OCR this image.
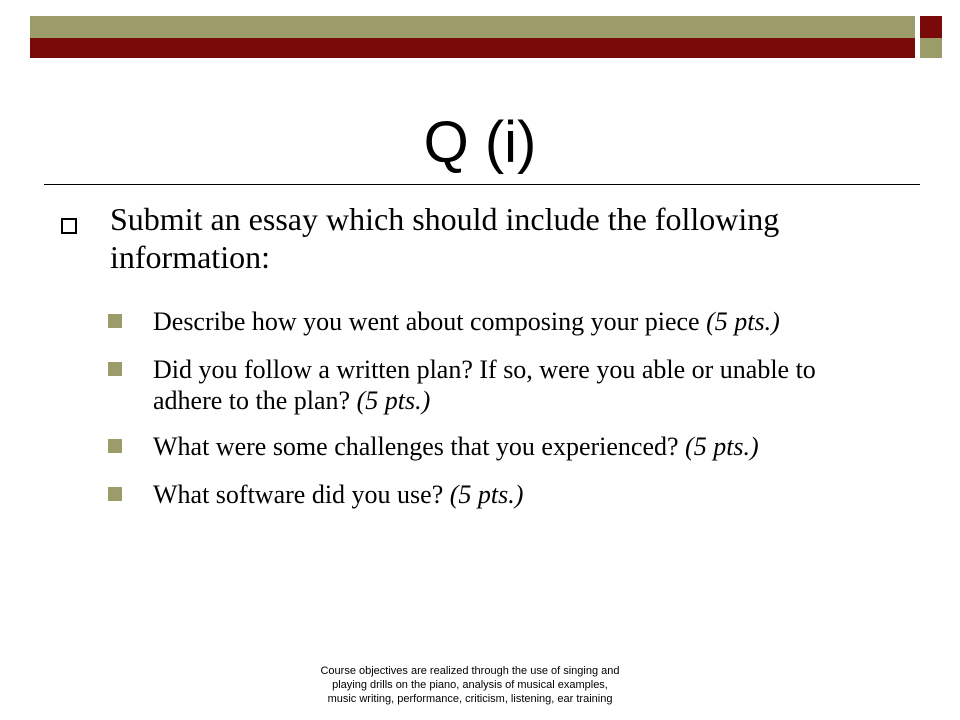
Q (i)
Submit an essay which should include the following information:
Describe how you went about composing your piece (5 pts.)
Did you follow a written plan? If so, were you able or unable to adhere to the plan? (5 pts.)
What were some challenges that you experienced? (5 pts.)
What software did you use? (5 pts.)
Course objectives are realized through the use of singing and playing drills on the piano, analysis of musical examples, music writing, performance, criticism, listening, ear training
